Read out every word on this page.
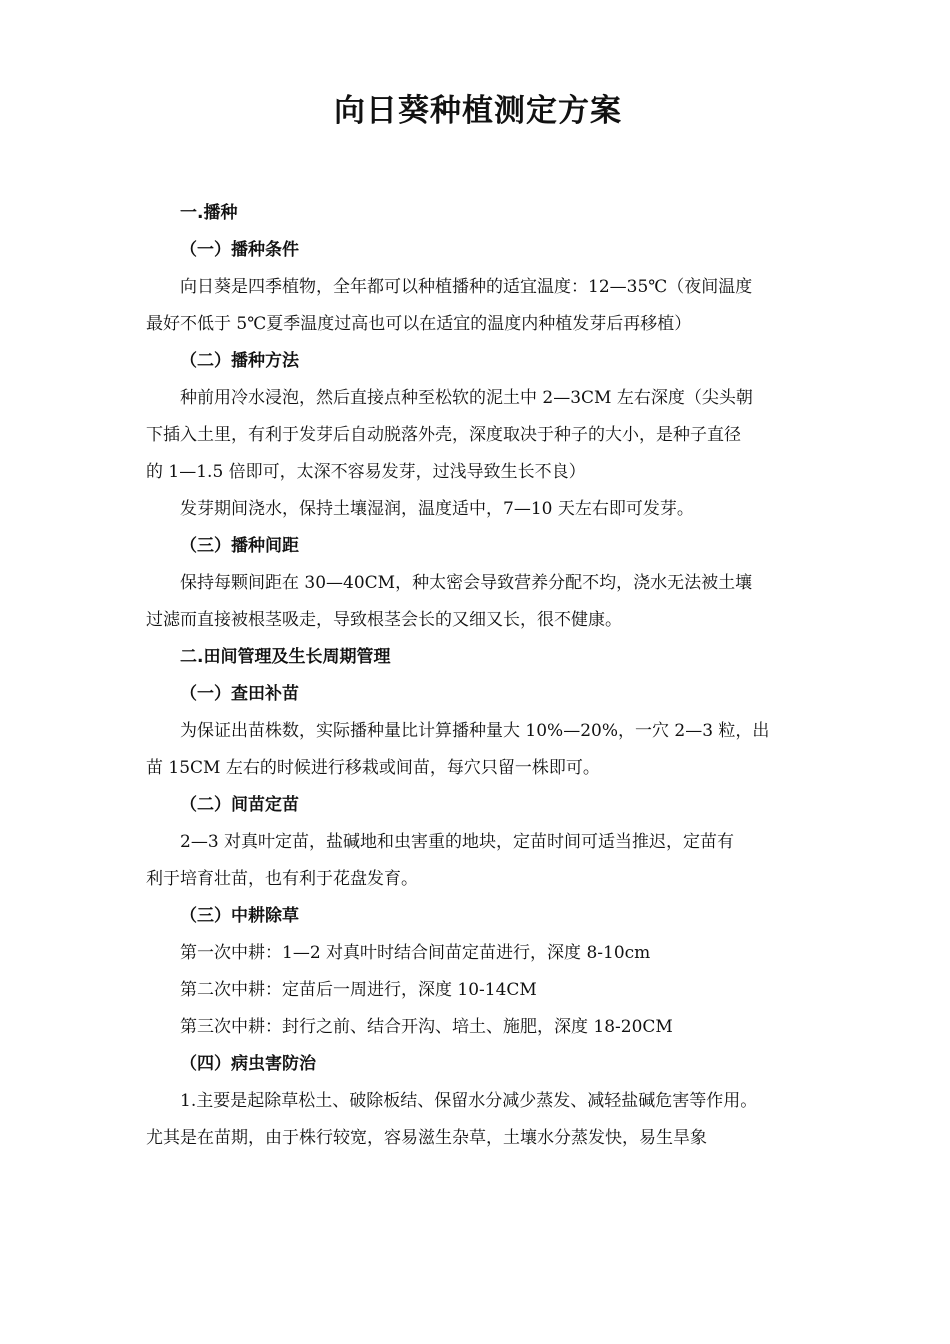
向日葵种植测定方案

一.播种

（一）播种条件

向日葵是四季植物，全年都可以种植播种的适宜温度：12—35℃（夜间温度

最好不低于 5℃夏季温度过高也可以在适宜的温度内种植发芽后再移植）

（二）播种方法

种前用冷水浸泡，然后直接点种至松软的泥土中 2—3CM 左右深度（尖头朝

下插入土里，有利于发芽后自动脱落外壳，深度取决于种子的大小，是种子直径

的 1—1.5 倍即可，太深不容易发芽，过浅导致生长不良）

发芽期间浇水，保持土壤湿润，温度适中，7—10 天左右即可发芽。

（三）播种间距

保持每颗间距在 30—40CM，种太密会导致营养分配不均，浇水无法被土壤

过滤而直接被根茎吸走，导致根茎会长的又细又长，很不健康。

二.田间管理及生长周期管理

（一）查田补苗

为保证出苗株数，实际播种量比计算播种量大 10%—20%，一穴 2—3 粒，出

苗 15CM 左右的时候进行移栽或间苗，每穴只留一株即可。

（二）间苗定苗

2—3 对真叶定苗，盐碱地和虫害重的地块，定苗时间可适当推迟，定苗有

利于培育壮苗，也有利于花盘发育。

（三）中耕除草

第一次中耕：1—2 对真叶时结合间苗定苗进行，深度 8-10cm

第二次中耕：定苗后一周进行，深度 10-14CM

第三次中耕：封行之前、结合开沟、培土、施肥，深度 18-20CM

（四）病虫害防治

1.主要是起除草松土、破除板结、保留水分减少蒸发、减轻盐碱危害等作用。

尤其是在苗期，由于株行较宽，容易滋生杂草，土壤水分蒸发快，易生旱象
